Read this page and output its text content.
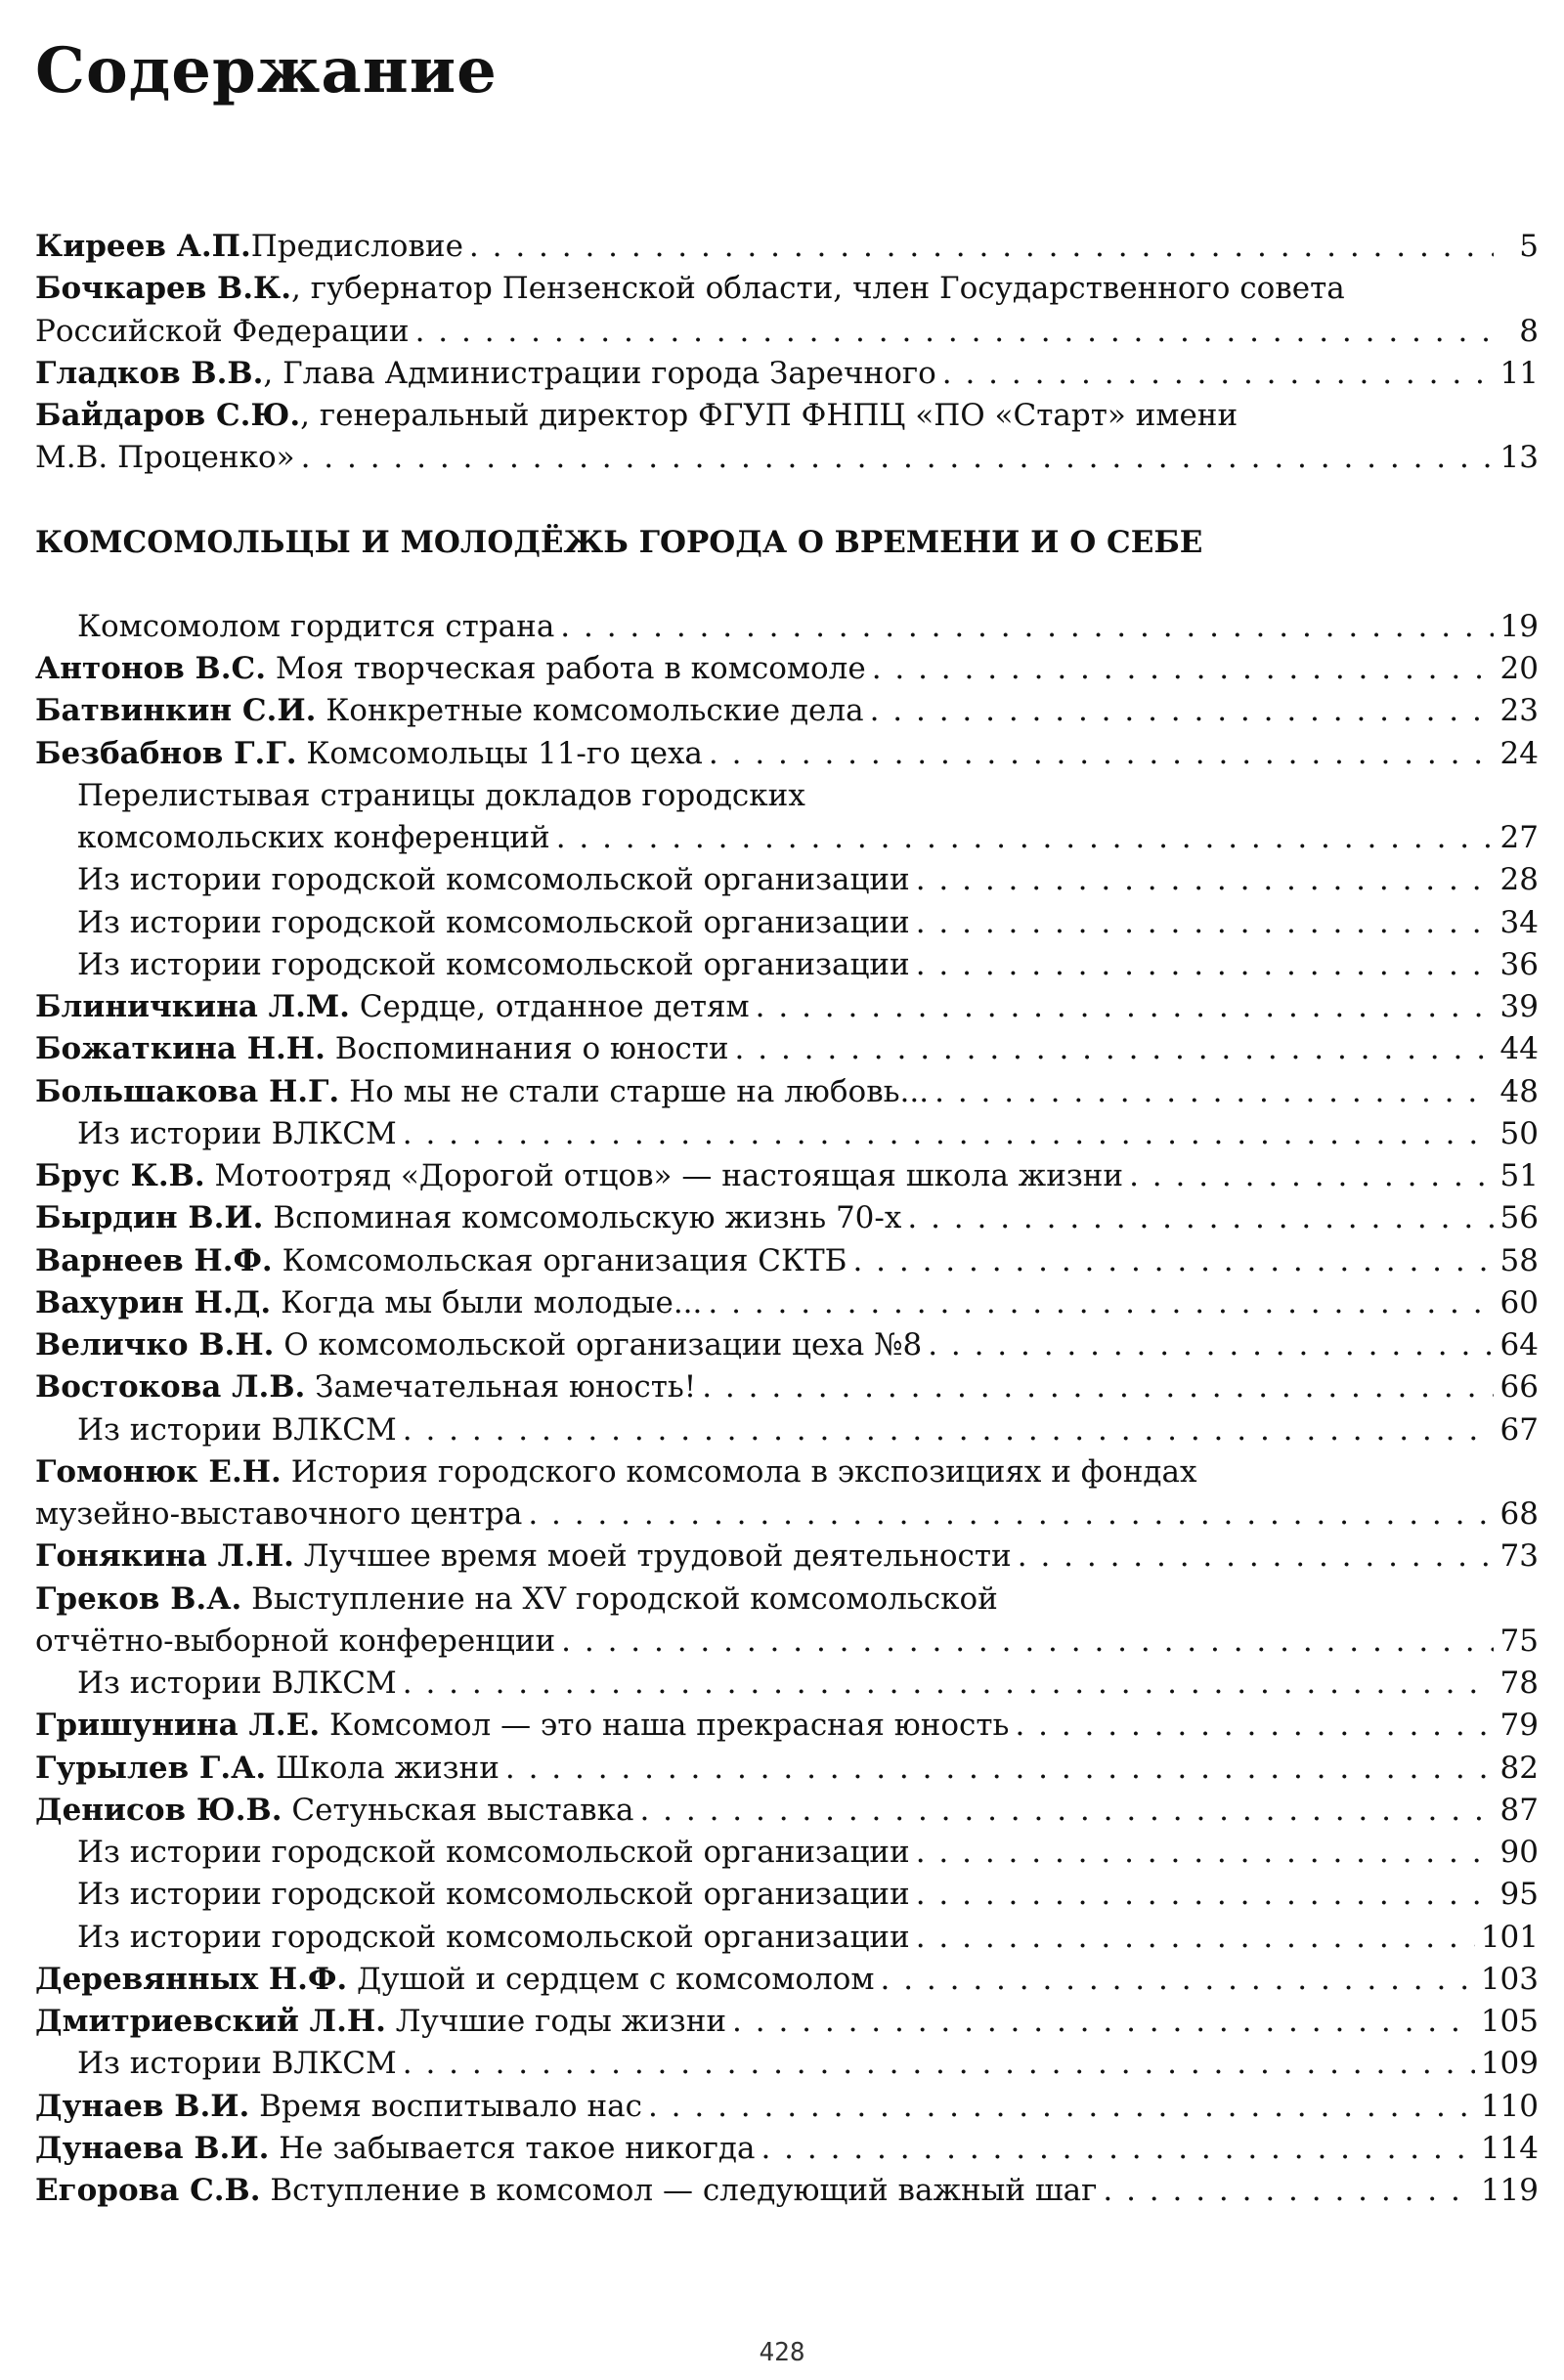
Содержание
Киреев А.П.Предисловие . . .	5
Бочкарев В.К., губернатор Пензенской области, член Государственного совета
Российской Федерации . . .	8
Гладков В.В., Глава Администрации города Заречного . . .	11
Байдаров С.Ю., генеральный директор ФГУП ФНПЦ «ПО «Старт» имени
М.В. Проценко» . . .	13
КОМСОМОЛЬЦЫ И МОЛОДЁЖЬ ГОРОДА О ВРЕМЕНИ И О СЕБЕ
Комсомолом гордится страна . . .	19
Антонов В.С. Моя творческая работа в комсомоле . . .	20
Батвинкин С.И. Конкретные комсомольские дела . . .	23
Безбабнов Г.Г. Комсомольцы 11-го цеха . . .	24
Перелистывая страницы докладов городских
комсомольских конференций . . .	27
Из истории городской комсомольской организации . . .	28
Из истории городской комсомольской организации . . .	34
Из истории городской комсомольской организации . . .	36
Блиничкина Л.М. Сердце, отданное детям . . .	39
Божаткина Н.Н. Воспоминания о юности . . .	44
Большакова Н.Г. Но мы не стали старше на любовь... . . .	48
Из истории ВЛКСМ . . .	50
Брус К.В. Мотоотряд «Дорогой отцов» — настоящая школа жизни . . .	51
Бырдин В.И. Вспоминая комсомольскую жизнь 70-х . . .	56
Варнеев Н.Ф. Комсомольская организация СКТБ . . .	58
Вахурин Н.Д. Когда мы были молодые... . . .	60
Величко В.Н. О комсомольской организации цеха №8 . . .	64
Востокова Л.В. Замечательная юность! . . .	66
Из истории ВЛКСМ . . .	67
Гомонюк Е.Н. История городского комсомола в экспозициях и фондах
музейно-выставочного центра . . .	68
Гонякина Л.Н. Лучшее время моей трудовой деятельности . . .	73
Греков В.А. Выступление на XV городской комсомольской
отчётно-выборной конференции . . .	75
Из истории ВЛКСМ . . .	78
Гришунина Л.Е. Комсомол — это наша прекрасная юность . . .	79
Гурылев Г.А. Школа жизни . . .	82
Денисов Ю.В. Сетуньская выставка . . .	87
Из истории городской комсомольской организации . . .	90
Из истории городской комсомольской организации . . .	95
Из истории городской комсомольской организации . . .	101
Деревянных Н.Ф. Душой и сердцем с комсомолом . . .	103
Дмитриевский Л.Н. Лучшие годы жизни . . .	105
Из истории ВЛКСМ . . .	109
Дунаев В.И. Время воспитывало нас . . .	110
Дунаева В.И. Не забывается такое никогда . . .	114
Егорова С.В. Вступление в комсомол — следующий важный шаг . . .	119
428
